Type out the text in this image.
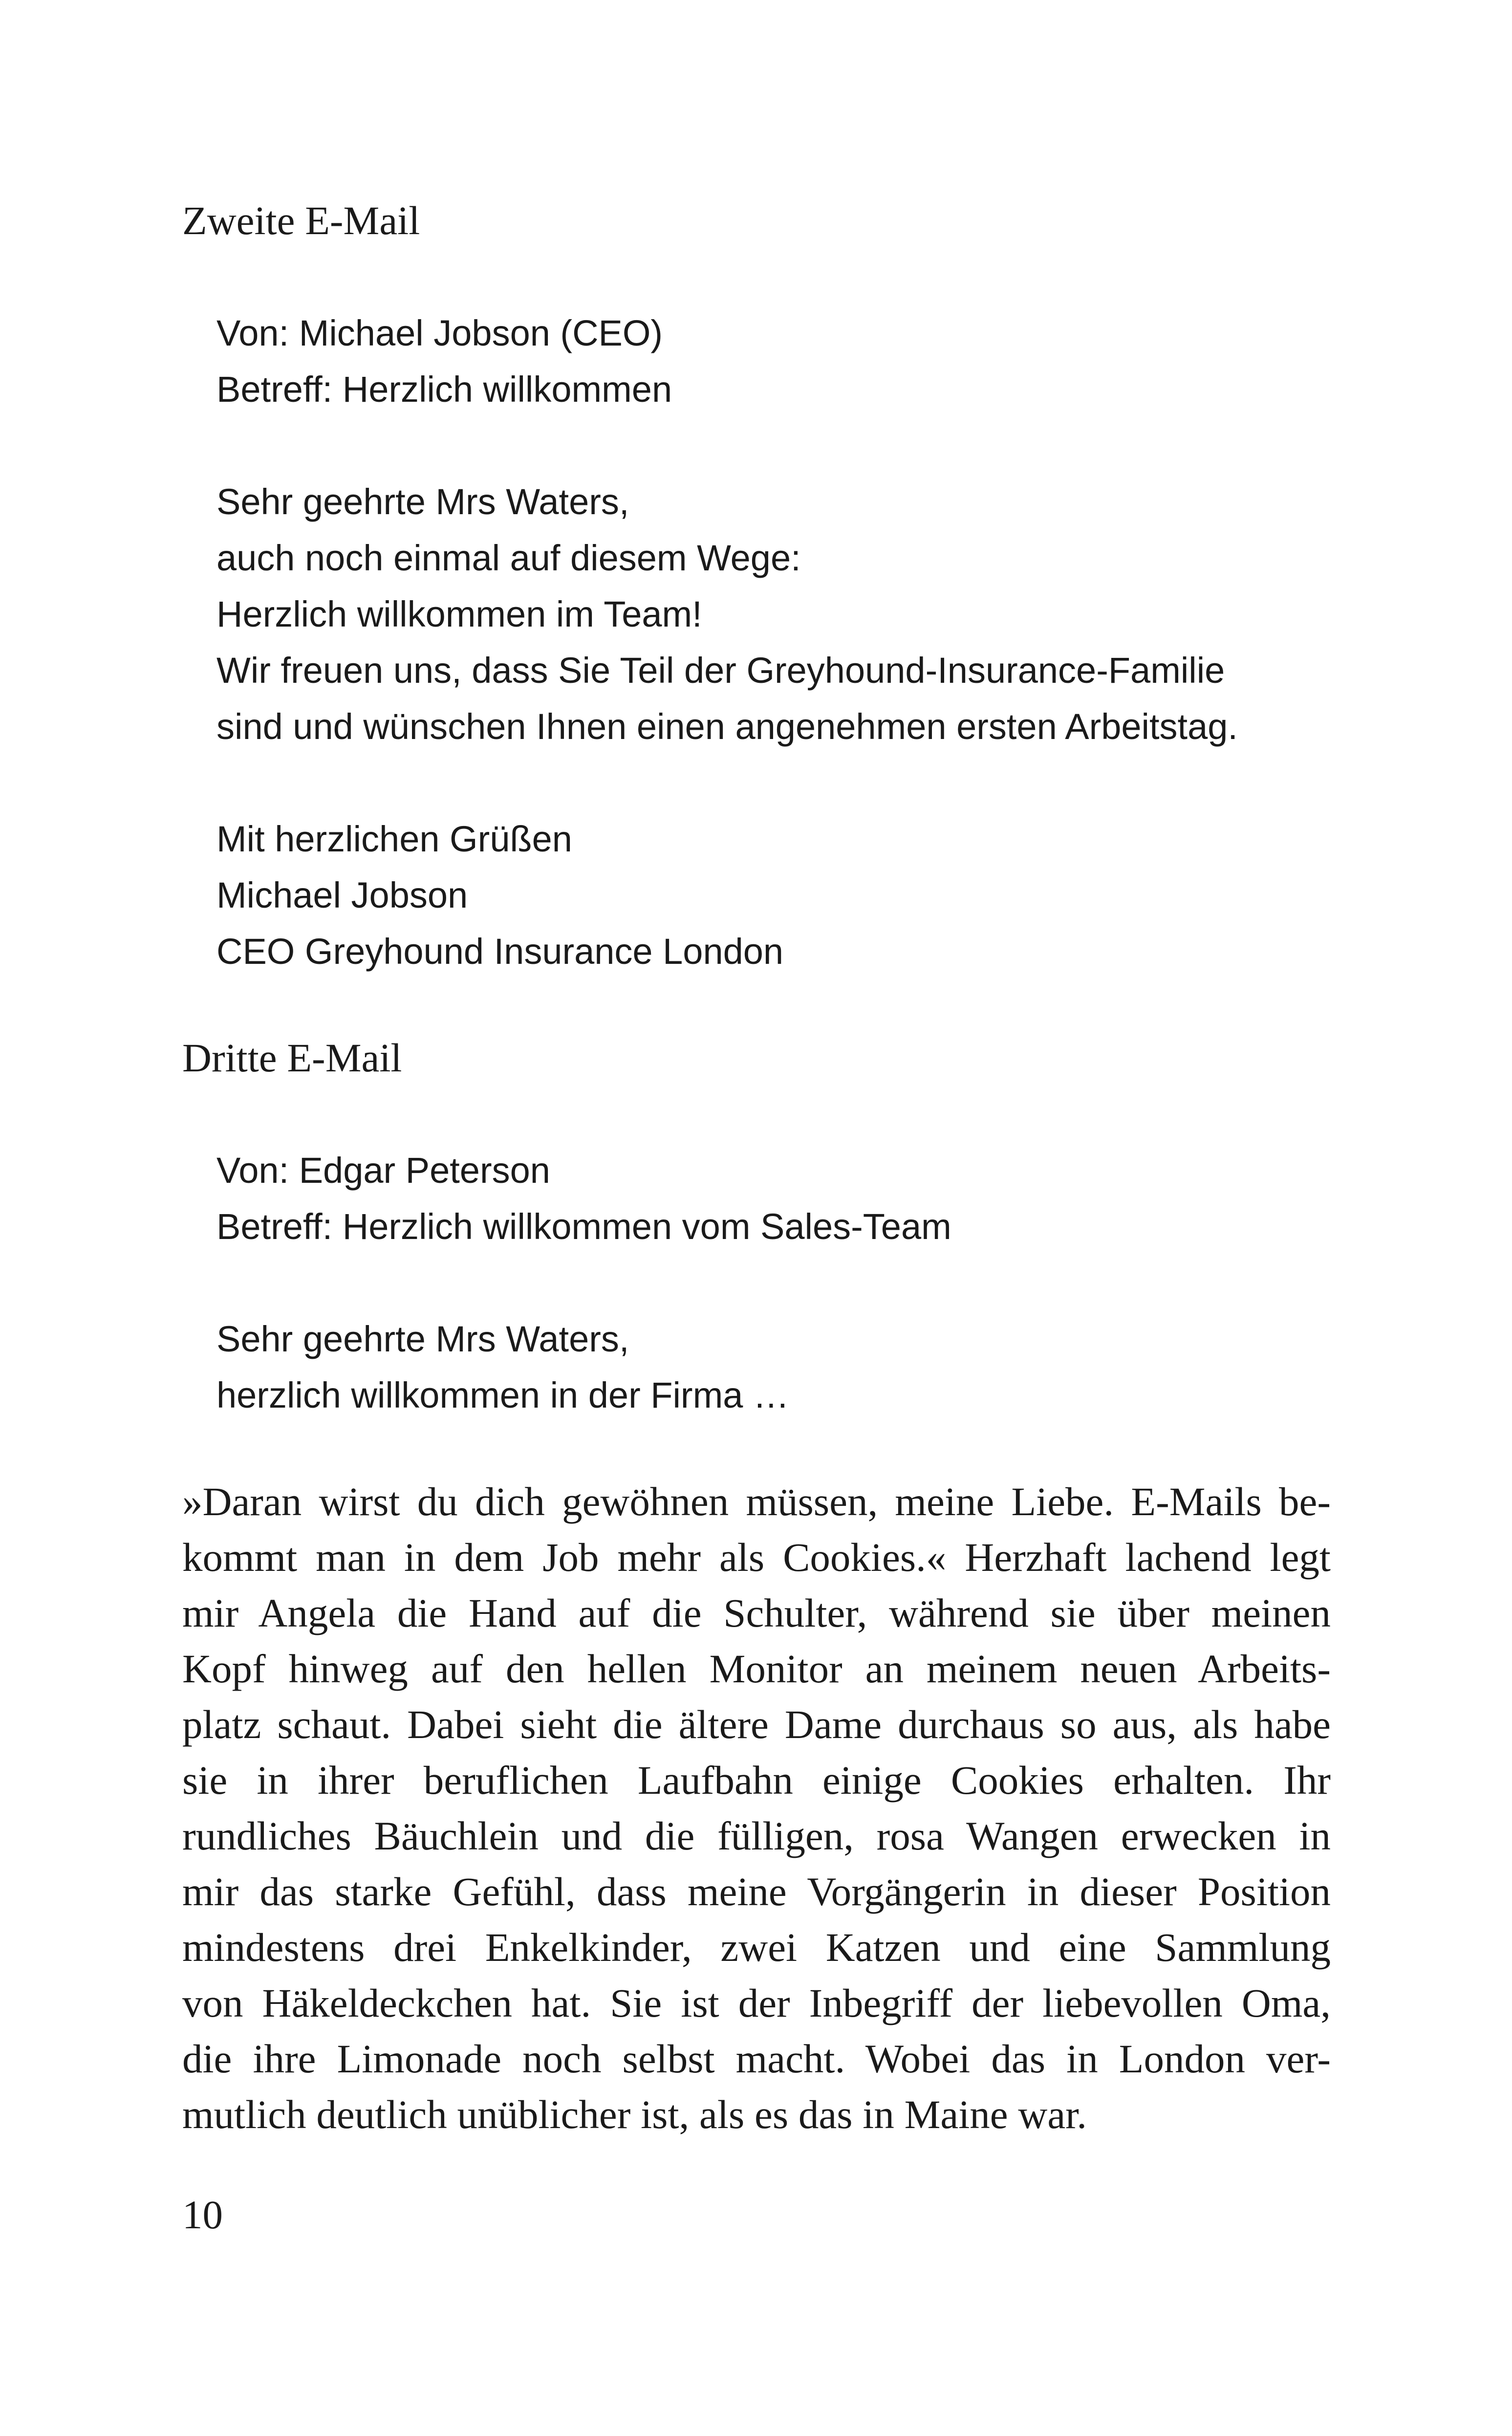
Zweite E-Mail
Von: Michael Jobson (CEO)
Betreff: Herzlich willkommen
Sehr geehrte Mrs Waters,
auch noch einmal auf diesem Wege:
Herzlich willkommen im Team!
Wir freuen uns, dass Sie Teil der Greyhound-Insurance-Familie
sind und wünschen Ihnen einen angenehmen ersten Arbeitstag.
Mit herzlichen Grüßen
Michael Jobson
CEO Greyhound Insurance London
Dritte E-Mail
Von: Edgar Peterson
Betreff: Herzlich willkommen vom Sales-Team
Sehr geehrte Mrs Waters,
herzlich willkommen in der Firma …
»Daran wirst du dich gewöhnen müssen, meine Liebe. E-Mails be-
kommt man in dem Job mehr als Cookies.« Herzhaft lachend legt
mir Angela die Hand auf die Schulter, während sie über meinen
Kopf hinweg auf den hellen Monitor an meinem neuen Arbeits-
platz schaut. Dabei sieht die ältere Dame durchaus so aus, als habe
sie in ihrer beruflichen Laufbahn einige Cookies erhalten. Ihr
rundliches Bäuchlein und die fülligen, rosa Wangen erwecken in
mir das starke Gefühl, dass meine Vorgängerin in dieser Position
mindestens drei Enkelkinder, zwei Katzen und eine Sammlung
von Häkeldeckchen hat. Sie ist der Inbegriff der liebevollen Oma,
die ihre Limonade noch selbst macht. Wobei das in London ver-
mutlich deutlich unüblicher ist, als es das in Maine war.
10
